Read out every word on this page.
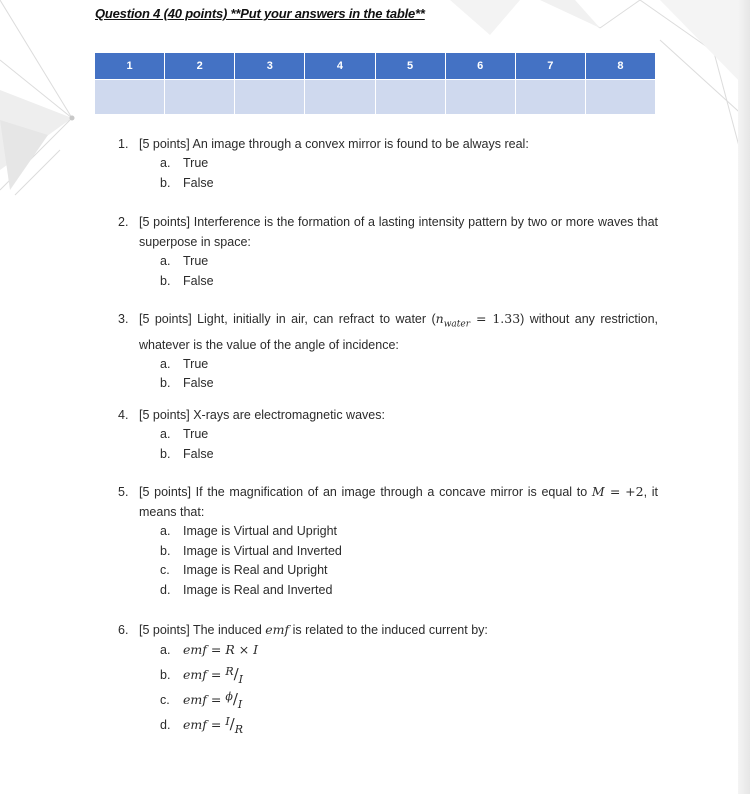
Question 4 (40 points) **Put your answers in the table**
1	2	3	4	5	6	7	8

1. [5 points] An image through a convex mirror is found to be always real:
a. True
b. False
2. [5 points] Interference is the formation of a lasting intensity pattern by two or more waves that superpose in space:
a. True
b. False
3. [5 points] Light, initially in air, can refract to water $(n_{water} = 1.33)$ without any restriction, whatever is the value of the angle of incidence:
a. True
b. False
4. [5 points] X-rays are electromagnetic waves:
a. True
b. False
5. [5 points] If the magnification of an image through a concave mirror is equal to M = +2, it means that:
a. Image is Virtual and Upright
b. Image is Virtual and Inverted
c. Image is Real and Upright
d. Image is Real and Inverted
6. [5 points] The induced emf is related to the induced current by:
a. emf = R × I
b. emf = R/I
c. emf = ϕ/I
d. emf = I/R
